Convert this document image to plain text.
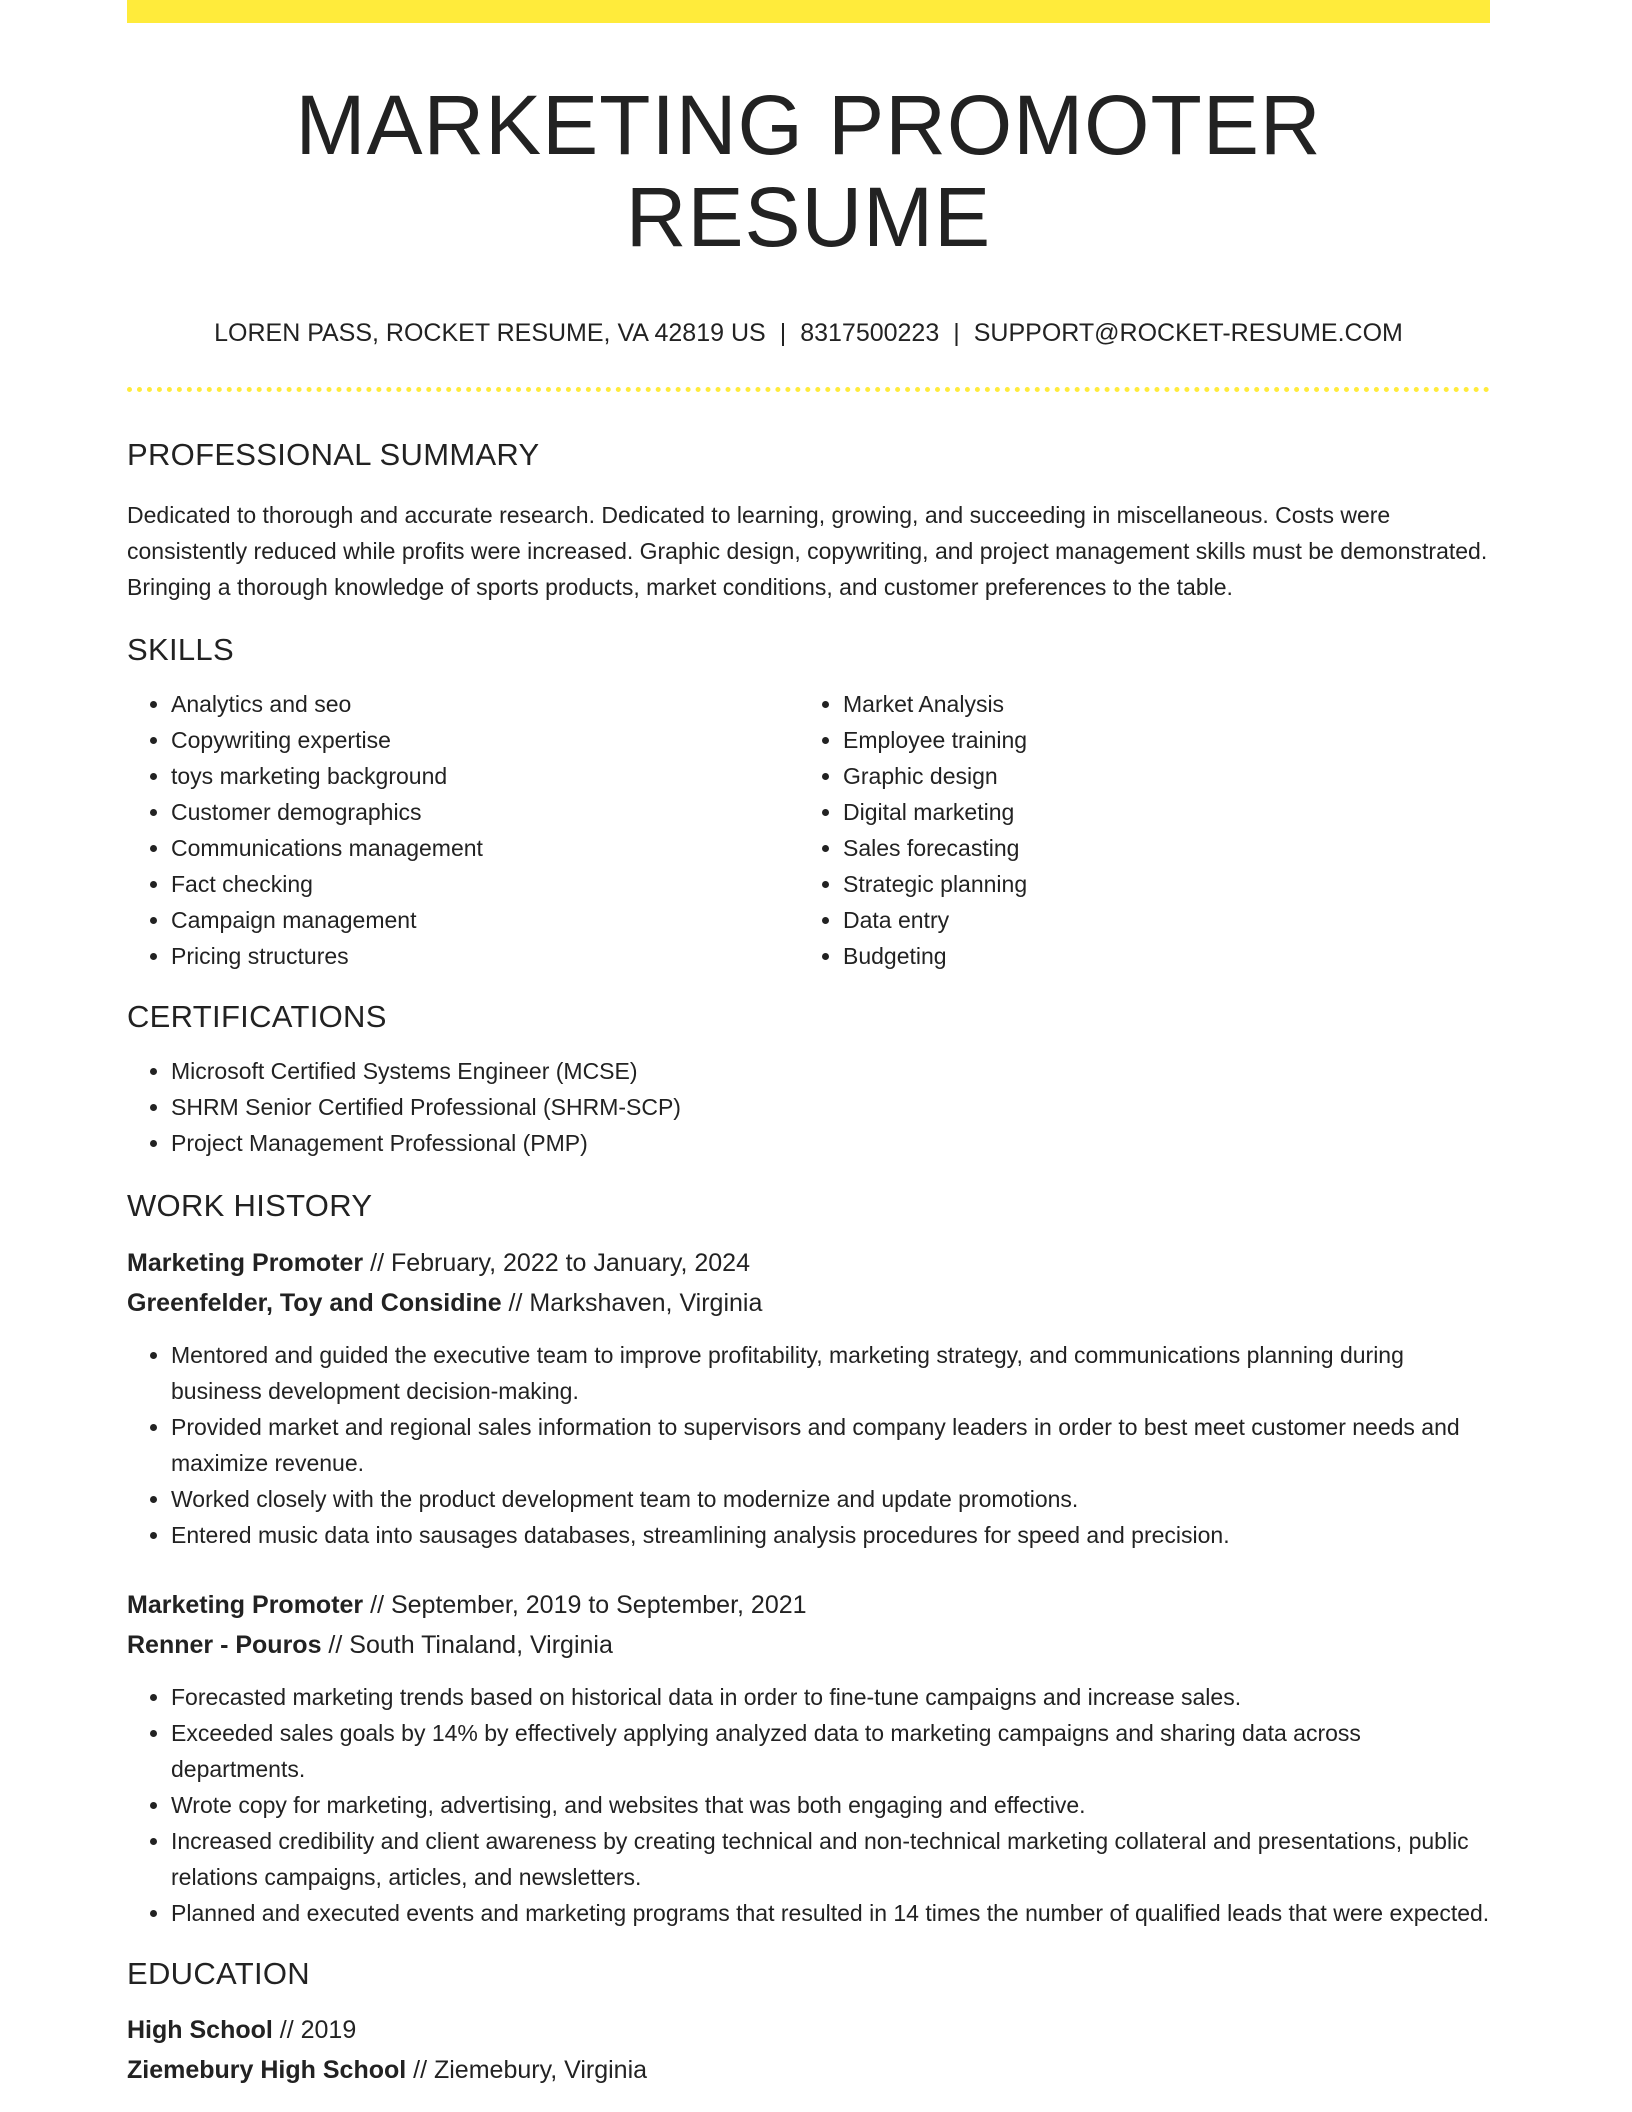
MARKETING PROMOTER RESUME
LOREN PASS, ROCKET RESUME, VA 42819 US | 8317500223 | SUPPORT@ROCKET-RESUME.COM
PROFESSIONAL SUMMARY

Dedicated to thorough and accurate research. Dedicated to learning, growing, and succeeding in miscellaneous. Costs were consistently reduced while profits were increased. Graphic design, copywriting, and project management skills must be demonstrated. Bringing a thorough knowledge of sports products, market conditions, and customer preferences to the table.

SKILLS
• Analytics and seo
• Copywriting expertise
• toys marketing background
• Customer demographics
• Communications management
• Fact checking
• Campaign management
• Pricing structures
• Market Analysis
• Employee training
• Graphic design
• Digital marketing
• Sales forecasting
• Strategic planning
• Data entry
• Budgeting
CERTIFICATIONS
• Microsoft Certified Systems Engineer (MCSE)
• SHRM Senior Certified Professional (SHRM-SCP)
• Project Management Professional (PMP)
WORK HISTORY
Marketing Promoter // February, 2022 to January, 2024
Greenfelder, Toy and Considine // Markshaven, Virginia
• Mentored and guided the executive team to improve profitability, marketing strategy, and communications planning during business development decision-making.
• Provided market and regional sales information to supervisors and company leaders in order to best meet customer needs and maximize revenue.
• Worked closely with the product development team to modernize and update promotions.
• Entered music data into sausages databases, streamlining analysis procedures for speed and precision.
Marketing Promoter // September, 2019 to September, 2021
Renner - Pouros // South Tinaland, Virginia
• Forecasted marketing trends based on historical data in order to fine-tune campaigns and increase sales.
• Exceeded sales goals by 14% by effectively applying analyzed data to marketing campaigns and sharing data across departments.
• Wrote copy for marketing, advertising, and websites that was both engaging and effective.
• Increased credibility and client awareness by creating technical and non-technical marketing collateral and presentations, public relations campaigns, articles, and newsletters.
• Planned and executed events and marketing programs that resulted in 14 times the number of qualified leads that were expected.
EDUCATION
High School // 2019
Ziemebury High School // Ziemebury, Virginia
